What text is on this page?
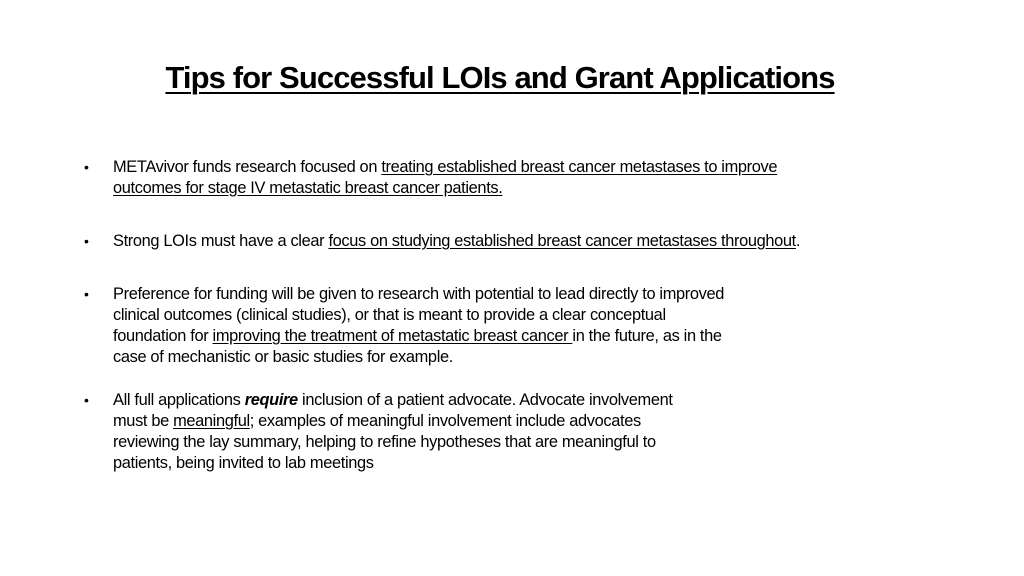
Tips for Successful LOIs and Grant Applications
•	METAvivor funds research focused on treating established breast cancer metastases to improve
outcomes for stage IV metastatic breast cancer patients.
•	Strong LOIs must have a clear focus on studying established breast cancer metastases throughout.
•	Preference for funding will be given to research with potential to lead directly to improved
clinical outcomes (clinical studies), or that is meant to provide a clear conceptual
foundation for improving the treatment of metastatic breast cancer in the future, as in the
case of mechanistic or basic studies for example.
•	All full applications require inclusion of a patient advocate. Advocate involvement
must be meaningful; examples of meaningful involvement include advocates
reviewing the lay summary, helping to refine hypotheses that are meaningful to
patients, being invited to lab meetings
